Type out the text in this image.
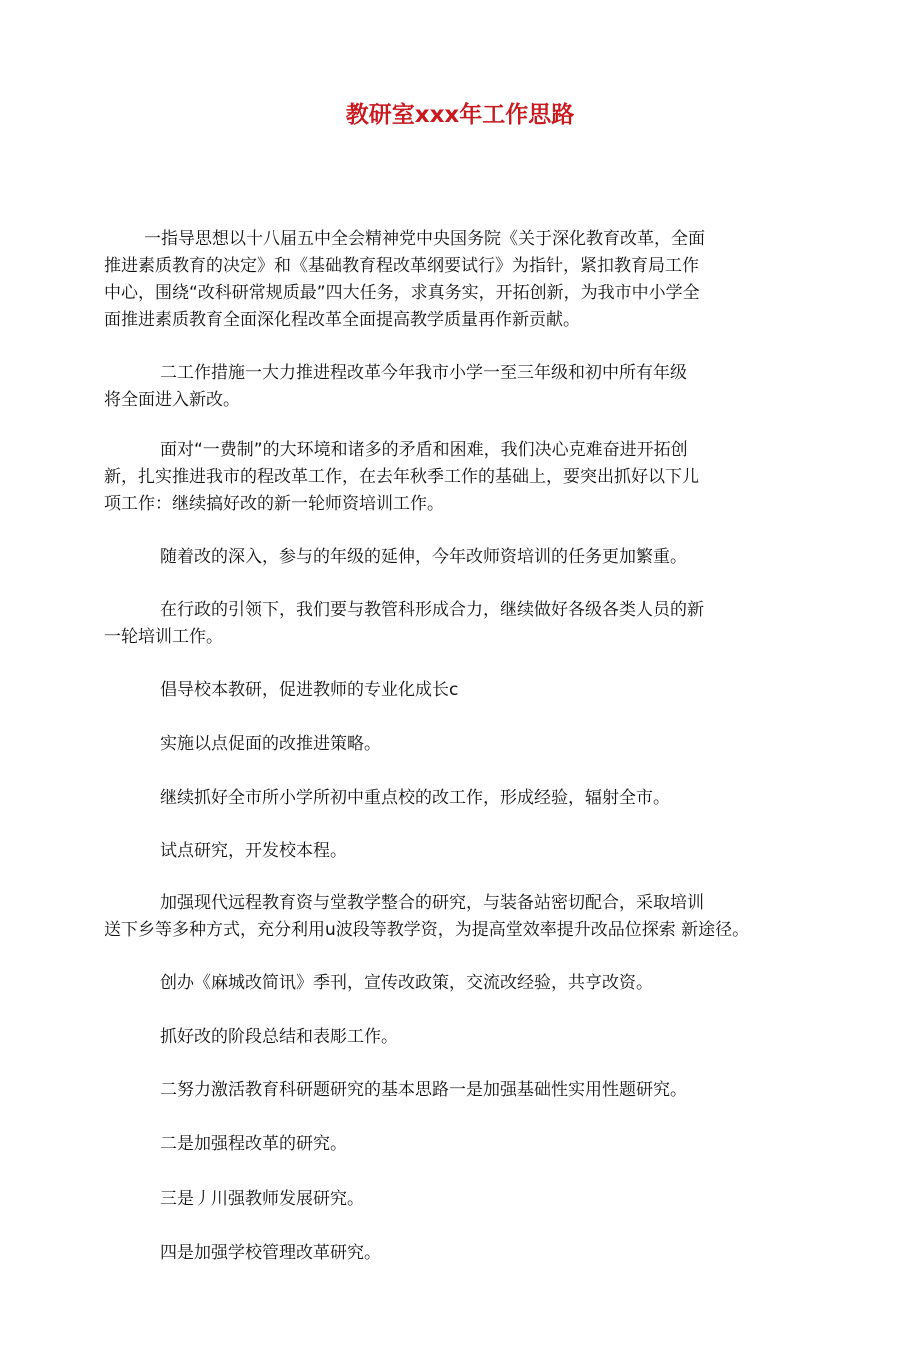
教研室xxx年工作思路
一指导思想以十八届五中全会精神党中央国务院《关于深化教育改革，全面
推进素质教育的决定》和《基础教育程改革纲要试行》为指针，紧扣教育局工作
中心，围绕“改科研常规质最”四大任务，求真务实，开拓创新，为我市中小学全
面推进素质教育全面深化程改革全面提高教学质量再作新贡献。
二工作措施一大力推进程改革今年我市小学一至三年级和初中所有年级
将全面进入新改。
面对“一费制”的大环境和诸多的矛盾和困难，我们决心克难奋进开拓创
新，扎实推进我市的程改革工作，在去年秋季工作的基础上，要突出抓好以下儿
项工作：继续搞好改的新一轮师资培训工作。
随着改的深入，参与的年级的延伸，今年改师资培训的任务更加繁重。
在行政的引领下，我们要与教管科形成合力，继续做好各级各类人员的新
一轮培训工作。
倡导校本教研，促进教师的专业化成长c
实施以点促面的改推进策略。
继续抓好全市所小学所初中重点校的改工作，形成经验，辐射全市。
试点研究，开发校本程。
加强现代远程教育资与堂教学整合的研究，与装备站密切配合，采取培训
送下乡等多种方式，充分利用u波段等教学资，为提高堂效率提升改品位探索 新途径。
创办《麻城改简讯》季刊，宣传改政策，交流改经验，共亨改资。
抓好改的阶段总结和表彫工作。
二努力激活教育科研题研究的基本思路一是加强基础性实用性题研究。
二是加强程改革的研究。
三是丿川强教师发展研究。
四是加强学校管理改革研究。
